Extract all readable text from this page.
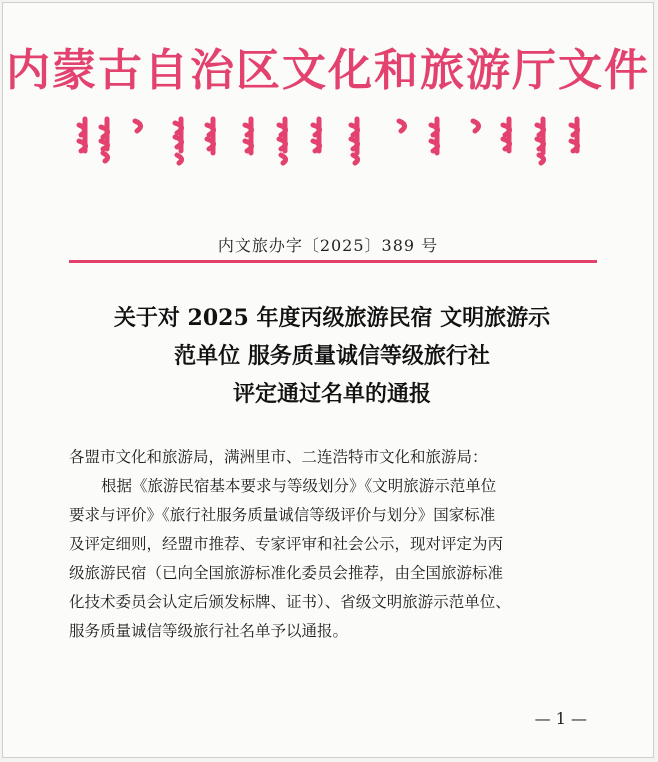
内蒙古自治区文化和旅游厅文件
内文旅办字〔2025〕389 号
关于对 2025 年度丙级旅游民宿 文明旅游示
范单位 服务质量诚信等级旅行社
评定通过名单的通报
各盟市文化和旅游局，满洲里市、二连浩特市文化和旅游局：
根据《旅游民宿基本要求与等级划分》《文明旅游示范单位
要求与评价》《旅行社服务质量诚信等级评价与划分》国家标准
及评定细则，经盟市推荐、专家评审和社会公示，现对评定为丙
级旅游民宿（已向全国旅游标准化委员会推荐，由全国旅游标准
化技术委员会认定后颁发标牌、证书）、省级文明旅游示范单位、
服务质量诚信等级旅行社名单予以通报。
— 1 —
